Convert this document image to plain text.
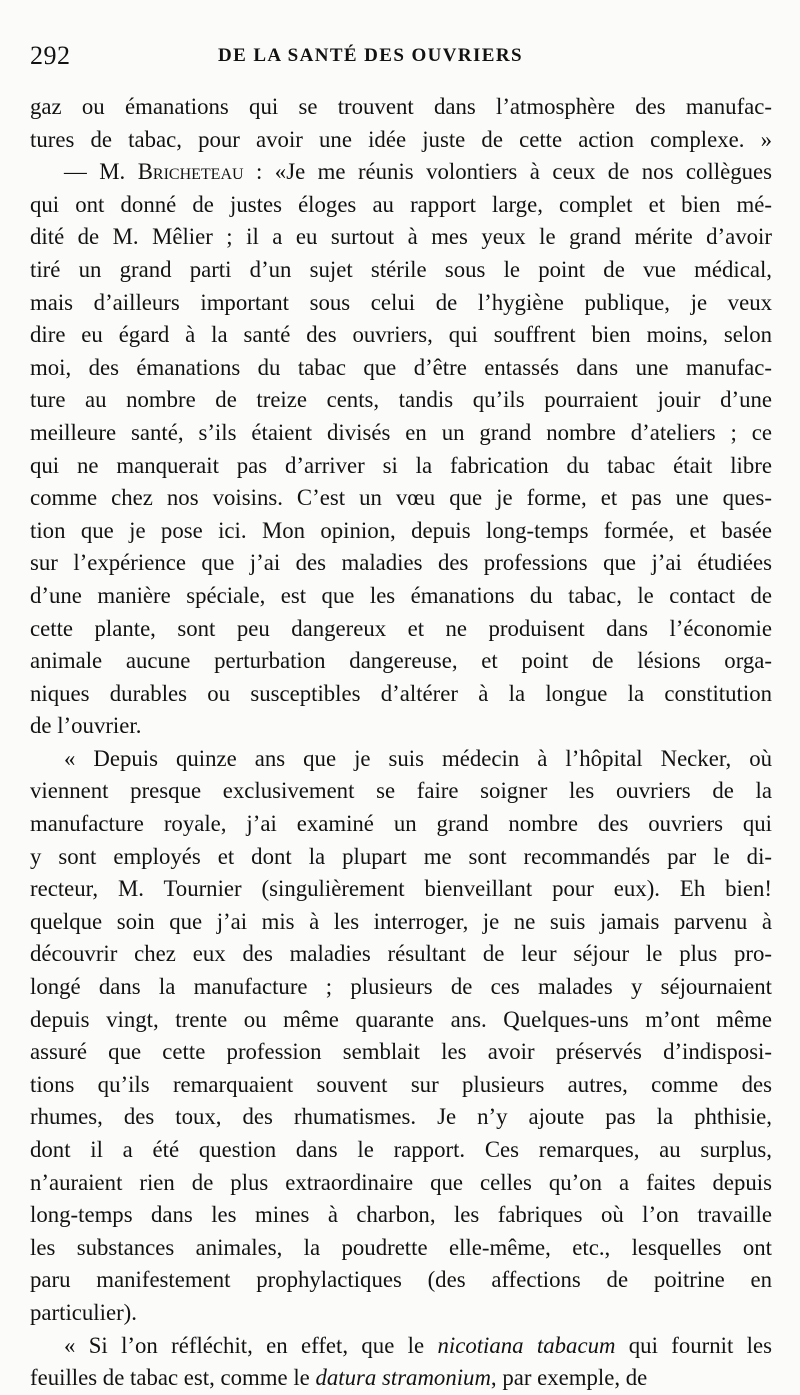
292	DE LA SANTÉ DES OUVRIERS
gaz ou émanations qui se trouvent dans l’atmosphère des manufac-
tures de tabac, pour avoir une idée juste de cette action complexe. »
— M. Bricheteau : «Je me réunis volontiers à ceux de nos collègues
qui ont donné de justes éloges au rapport large, complet et bien mé-
dité de M. Mêlier ; il a eu surtout à mes yeux le grand mérite d’avoir
tiré un grand parti d’un sujet stérile sous le point de vue médical,
mais d’ailleurs important sous celui de l’hygiène publique, je veux
dire eu égard à la santé des ouvriers, qui souffrent bien moins, selon
moi, des émanations du tabac que d’être entassés dans une manufac-
ture au nombre de treize cents, tandis qu’ils pourraient jouir d’une
meilleure santé, s’ils étaient divisés en un grand nombre d’ateliers ; ce
qui ne manquerait pas d’arriver si la fabrication du tabac était libre
comme chez nos voisins. C’est un vœu que je forme, et pas une ques-
tion que je pose ici. Mon opinion, depuis long-temps formée, et basée
sur l’expérience que j’ai des maladies des professions que j’ai étudiées
d’une manière spéciale, est que les émanations du tabac, le contact de
cette plante, sont peu dangereux et ne produisent dans l’économie
animale aucune perturbation dangereuse, et point de lésions orga-
niques durables ou susceptibles d’altérer à la longue la constitution
de l’ouvrier.
« Depuis quinze ans que je suis médecin à l’hôpital Necker, où
viennent presque exclusivement se faire soigner les ouvriers de la
manufacture royale, j’ai examiné un grand nombre des ouvriers qui
y sont employés et dont la plupart me sont recommandés par le di-
recteur, M. Tournier (singulièrement bienveillant pour eux). Eh bien!
quelque soin que j’ai mis à les interroger, je ne suis jamais parvenu à
découvrir chez eux des maladies résultant de leur séjour le plus pro-
longé dans la manufacture ; plusieurs de ces malades y séjournaient
depuis vingt, trente ou même quarante ans. Quelques-uns m’ont même
assuré que cette profession semblait les avoir préservés d’indisposi-
tions qu’ils remarquaient souvent sur plusieurs autres, comme des
rhumes, des toux, des rhumatismes. Je n’y ajoute pas la phthisie,
dont il a été question dans le rapport. Ces remarques, au surplus,
n’auraient rien de plus extraordinaire que celles qu’on a faites depuis
long-temps dans les mines à charbon, les fabriques où l’on travaille
les substances animales, la poudrette elle-même, etc., lesquelles ont
paru manifestement prophylactiques (des affections de poitrine en
particulier).
« Si l’on réfléchit, en effet, que le nicotiana tabacum qui fournit les
feuilles de tabac est, comme le datura stramonium, par exemple, de
